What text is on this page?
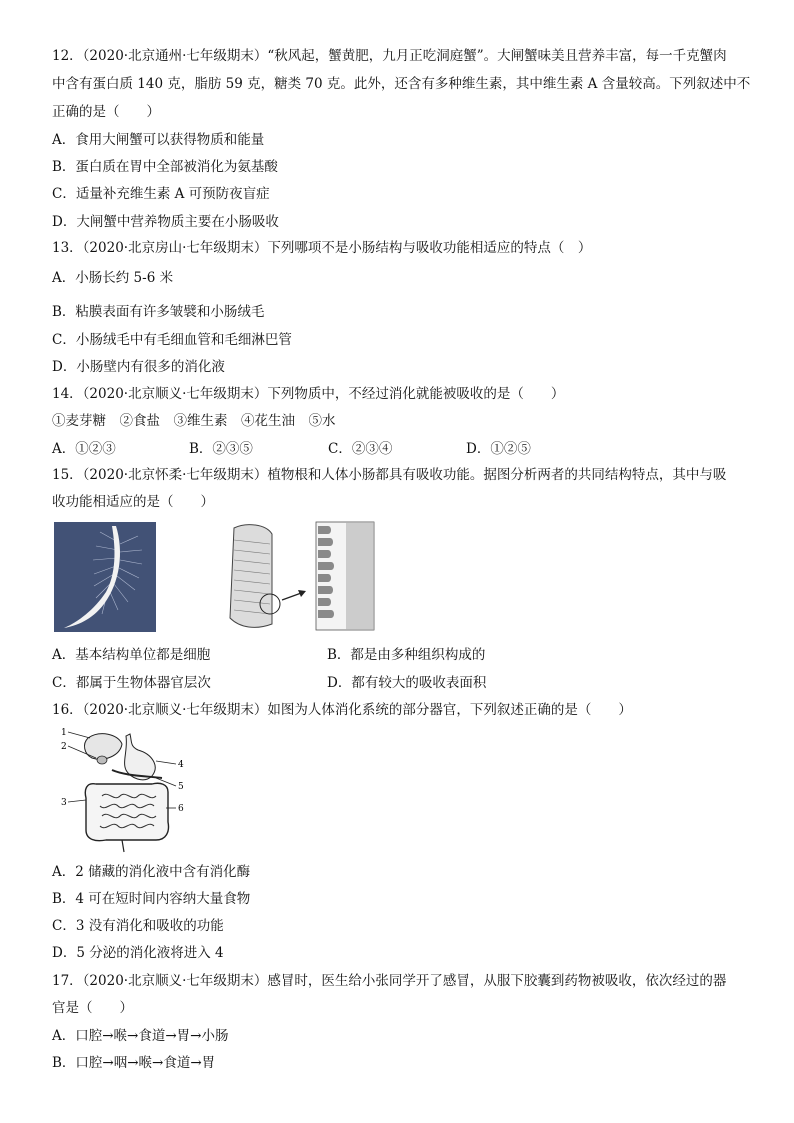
12．（2020·北京通州·七年级期末）“秋风起，蟹黄肥，九月正吃洞庭蟹”。大闸蟹味美且营养丰富，每一千克蟹肉
中含有蛋白质 140 克，脂肪 59 克，糖类 70 克。此外，还含有多种维生素，其中维生素 A 含量较高。下列叙述中不
正确的是（　　）
A．食用大闸蟹可以获得物质和能量
B．蛋白质在胃中全部被消化为氨基酸
C．适量补充维生素 A 可预防夜盲症
D．大闸蟹中营养物质主要在小肠吸收
13．（2020·北京房山·七年级期末）下列哪项不是小肠结构与吸收功能相适应的特点（　）
A．小肠长约 5-6 米
B．粘膜表面有许多皱襞和小肠绒毛
C．小肠绒毛中有毛细血管和毛细淋巴管
D．小肠壁内有很多的消化液
14．（2020·北京顺义·七年级期末）下列物质中，不经过消化就能被吸收的是（　　）
①麦芽糖　②食盐　③维生素　④花生油　⑤水
A．①②③	B．②③⑤	C．②③④	D．①②⑤
15．（2020·北京怀柔·七年级期末）植物根和人体小肠都具有吸收功能。据图分析两者的共同结构特点，其中与吸
收功能相适应的是（　　）
A．基本结构单位都是细胞	B．都是由多种组织构成的
C．都属于生物体器官层次	D．都有较大的吸收表面积
16．（2020·北京顺义·七年级期末）如图为人体消化系统的部分器官，下列叙述正确的是（　　）
1
2
3
4
5
6
A．2 储藏的消化液中含有消化酶
B．4 可在短时间内容纳大量食物
C．3 没有消化和吸收的功能
D．5 分泌的消化液将进入 4
17．（2020·北京顺义·七年级期末）感冒时，医生给小张同学开了感冒，从服下胶囊到药物被吸收，依次经过的器
官是（　　）
A．口腔→喉→食道→胃→小肠
B．口腔→咽→喉→食道→胃
